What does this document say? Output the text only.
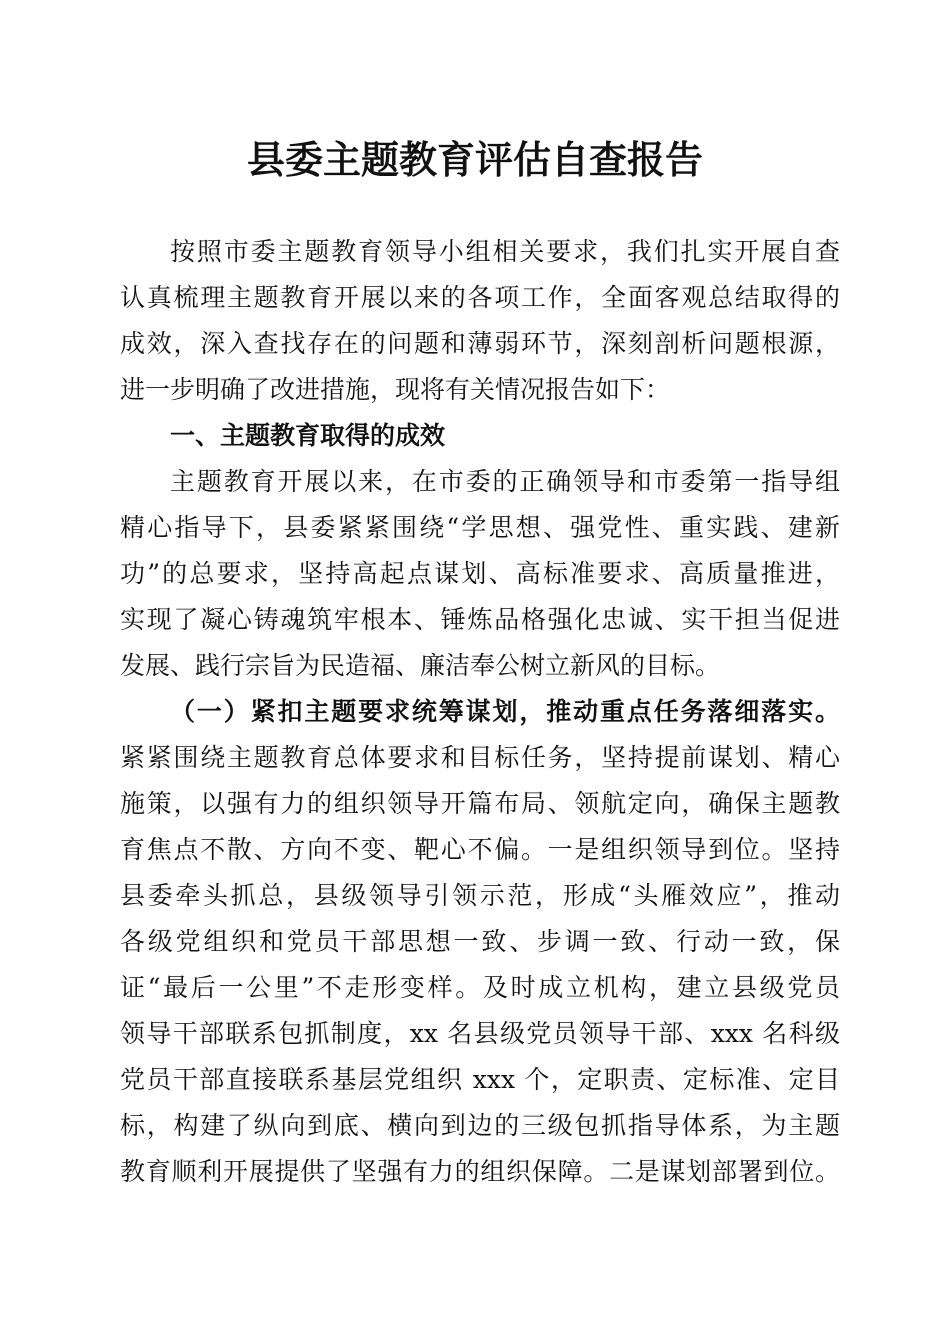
县委主题教育评估自查报告
按照市委主题教育领导小组相关要求，我们扎实开展自查
认真梳理主题教育开展以来的各项工作，全面客观总结取得的
成效，深入查找存在的问题和薄弱环节，深刻剖析问题根源，
进一步明确了改进措施，现将有关情况报告如下：
一、主题教育取得的成效
主题教育开展以来，在市委的正确领导和市委第一指导组
精心指导下，县委紧紧围绕“学思想、强党性、重实践、建新
功”的总要求，坚持高起点谋划、高标准要求、高质量推进，
实现了凝心铸魂筑牢根本、锤炼品格强化忠诚、实干担当促进
发展、践行宗旨为民造福、廉洁奉公树立新风的目标。
（一）紧扣主题要求统筹谋划，推动重点任务落细落实。
紧紧围绕主题教育总体要求和目标任务，坚持提前谋划、精心
施策，以强有力的组织领导开篇布局、领航定向，确保主题教
育焦点不散、方向不变、靶心不偏。一是组织领导到位。坚持
县委牵头抓总，县级领导引领示范，形成“头雁效应”，推动
各级党组织和党员干部思想一致、步调一致、行动一致，保
证“最后一公里”不走形变样。及时成立机构，建立县级党员
领导干部联系包抓制度，xx 名县级党员领导干部、xxx 名科级
党员干部直接联系基层党组织 xxx 个，定职责、定标准、定目
标，构建了纵向到底、横向到边的三级包抓指导体系，为主题
教育顺利开展提供了坚强有力的组织保障。二是谋划部署到位。
